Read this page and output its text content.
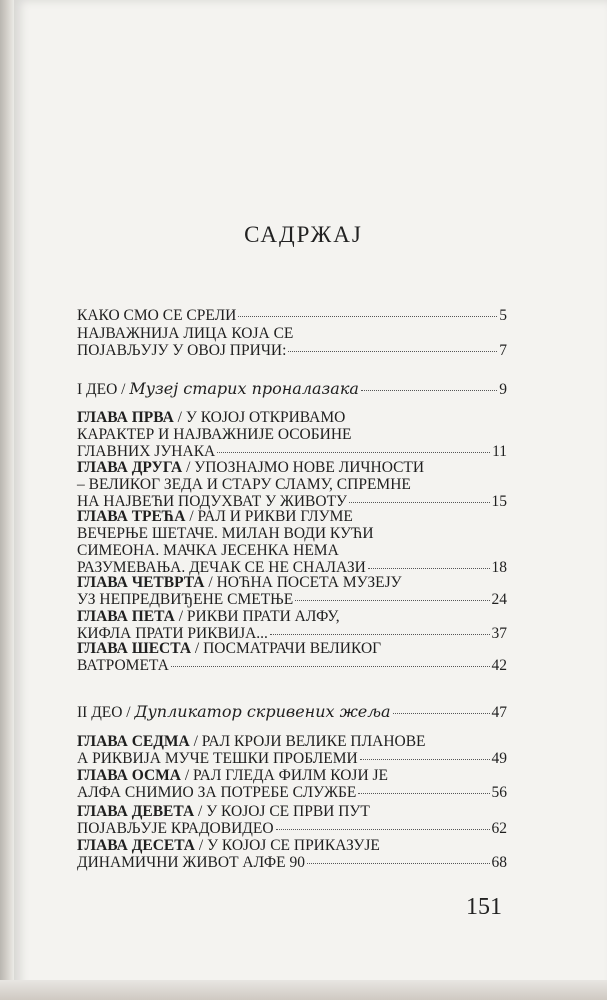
САДРЖАЈ
КАКО СМО СЕ СРЕЛИ	5
НАЈВАЖНИЈА ЛИЦА КОЈА СЕ
ПОЈАВЉУЈУ У ОВОЈ ПРИЧИ:	7
I ДЕО /
Музеј старих проналазака	9
ГЛАВА ПРВА / У КОЈОЈ ОТКРИВАМО
КАРАКТЕР И НАЈВАЖНИЈЕ ОСОБИНЕ
ГЛАВНИХ ЈУНАКА	11
ГЛАВА ДРУГА / УПОЗНАЈМО НОВЕ ЛИЧНОСТИ
– ВЕЛИКОГ ЗЕДА И СТАРУ СЛАМУ, СПРЕМНЕ
НА НАЈВЕЋИ ПОДУХВАТ У ЖИВОТУ	15
ГЛАВА ТРЕЋА / РАЛ И РИКВИ ГЛУМЕ
ВЕЧЕРЊЕ ШЕТАЧЕ. МИЛАН ВОДИ КУЋИ
СИМЕОНА. МАЧКА ЈЕСЕНКА НЕМА
РАЗУМЕВАЊА. ДЕЧАК СЕ НЕ СНАЛАЗИ	18
ГЛАВА ЧЕТВРТА / НОЋНА ПОСЕТА МУЗЕЈУ
УЗ НЕПРЕДВИЂЕНЕ СМЕТЊЕ	24
ГЛАВА ПЕТА / РИКВИ ПРАТИ АЛФУ,
КИФЛА ПРАТИ РИКВИЈА...	37
ГЛАВА ШЕСТА / ПОСМАТРАЧИ ВЕЛИКОГ
ВАТРОМЕТА	42
II ДЕО /
Дупликатор скривених жеља	47
ГЛАВА СЕДМА / РАЛ КРОЈИ ВЕЛИКЕ ПЛАНОВЕ
А РИКВИЈА МУЧЕ ТЕШКИ ПРОБЛЕМИ	49
ГЛАВА ОСМА / РАЛ ГЛЕДА ФИЛМ КОЈИ ЈЕ
АЛФА СНИМИО ЗА ПОТРЕБЕ СЛУЖБЕ	56
ГЛАВА ДЕВЕТА / У КОЈОЈ СЕ ПРВИ ПУТ
ПОЈАВЉУЈЕ КРАДОВИДЕО	62
ГЛАВА ДЕСЕТА / У КОЈОЈ СЕ ПРИКАЗУЈЕ
ДИНАМИЧНИ ЖИВОТ АЛФЕ 90	68
151
